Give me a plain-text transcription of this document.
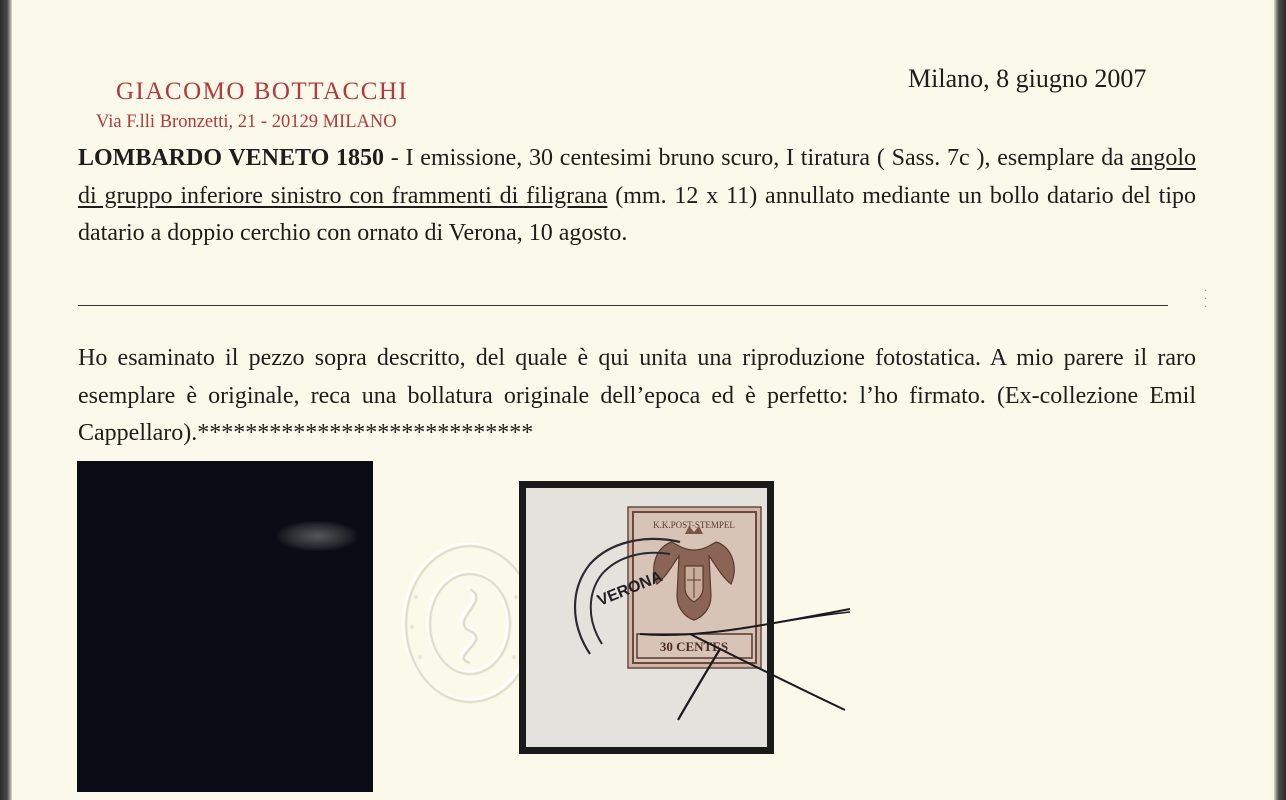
GIACOMO BOTTACCHI
Via F.lli Bronzetti, 21 - 20129 MILANO
Milano, 8 giugno 2007

LOMBARDO VENETO 1850 - I emissione, 30 centesimi bruno scuro, I tiratura ( Sass. 7c ), esemplare da angolo di gruppo inferiore sinistro con frammenti di filigrana (mm. 12 x 11) annullato mediante un bollo datario del tipo datario a doppio cerchio con ornato di Verona, 10 agosto.

·
·
·

Ho esaminato il pezzo sopra descritto, del quale è qui unita una riproduzione fotostatica. A mio parere il raro esemplare è originale, reca una bollatura originale dell’epoca ed è perfetto: l’ho firmato. (Ex-collezione Emil Cappellaro).****************************

K.K.POST-STEMPEL
30 CENTES
VERONA
